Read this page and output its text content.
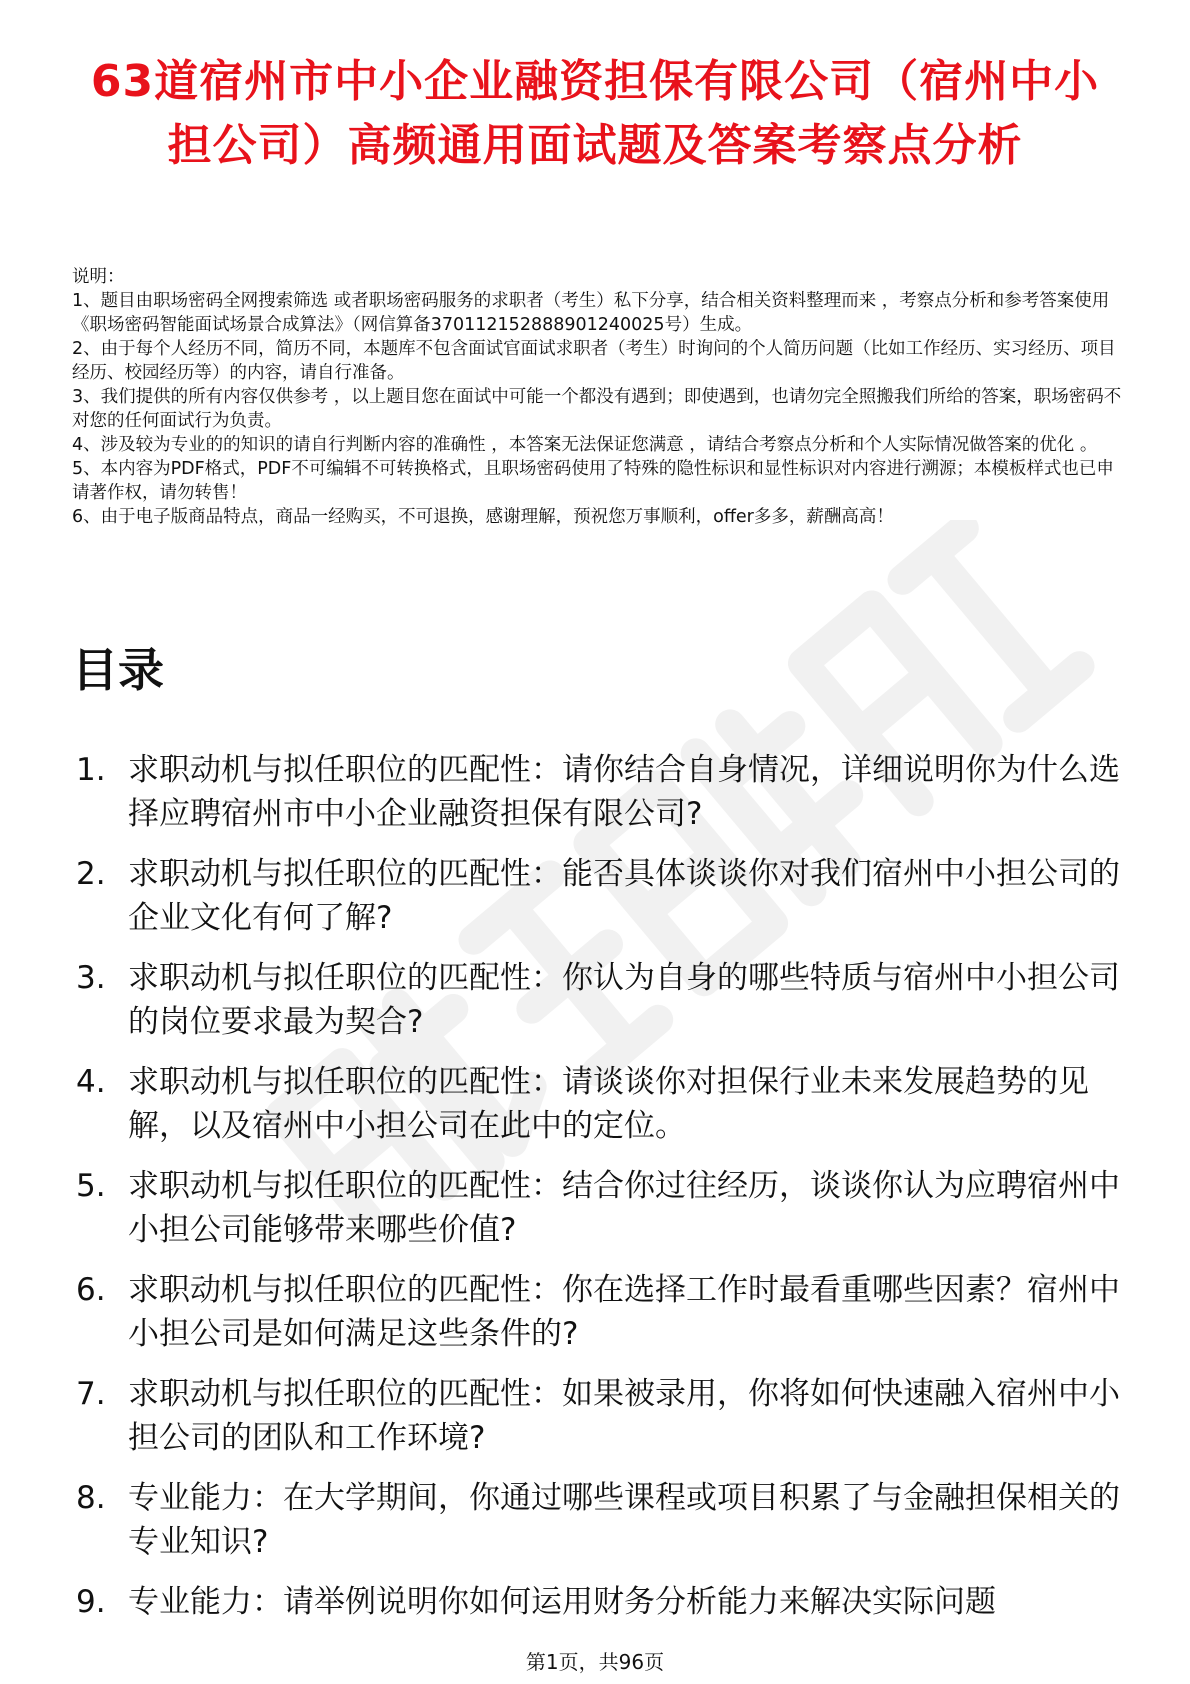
63道宿州市中小企业融资担保有限公司（宿州中小担公司）高频通用面试题及答案考察点分析
说明：
1、题目由职场密码全网搜索筛选 或者职场密码服务的求职者（考生）私下分享，结合相关资料整理而来 ，考察点分析和参考答案使用《职场密码智能面试场景合成算法》（网信算备370112152888901240025号）生成。
2、由于每个人经历不同，简历不同，本题库不包含面试官面试求职者（考生）时询问的个人简历问题（比如工作经历、实习经历、项目经历、校园经历等）的内容，请自行准备。
3、我们提供的所有内容仅供参考 ，以上题目您在面试中可能一个都没有遇到；即使遇到，也请勿完全照搬我们所给的答案，职场密码不对您的任何面试行为负责。
4、涉及较为专业的的知识的请自行判断内容的准确性 ，本答案无法保证您满意 ，请结合考察点分析和个人实际情况做答案的优化 。
5、本内容为PDF格式，PDF不可编辑不可转换格式，且职场密码使用了特殊的隐性标识和显性标识对内容进行溯源；本模板样式也已申请著作权，请勿转售！
6、由于电子版商品特点，商品一经购买，不可退换，感谢理解，预祝您万事顺利，offer多多，薪酬高高！
目录
1. 求职动机与拟任职位的匹配性：请你结合自身情况，详细说明你为什么选择应聘宿州市中小企业融资担保有限公司?
2. 求职动机与拟任职位的匹配性：能否具体谈谈你对我们宿州中小担公司的企业文化有何了解?
3. 求职动机与拟任职位的匹配性：你认为自身的哪些特质与宿州中小担公司的岗位要求最为契合?
4. 求职动机与拟任职位的匹配性：请谈谈你对担保行业未来发展趋势的见解，以及宿州中小担公司在此中的定位。
5. 求职动机与拟任职位的匹配性：结合你过往经历，谈谈你认为应聘宿州中小担公司能够带来哪些价值?
6. 求职动机与拟任职位的匹配性：你在选择工作时最看重哪些因素？宿州中小担公司是如何满足这些条件的?
7. 求职动机与拟任职位的匹配性：如果被录用，你将如何快速融入宿州中小担公司的团队和工作环境?
8. 专业能力：在大学期间，你通过哪些课程或项目积累了与金融担保相关的专业知识?
9. 专业能力：请举例说明你如何运用财务分析能力来解决实际问题
第1页，共96页
